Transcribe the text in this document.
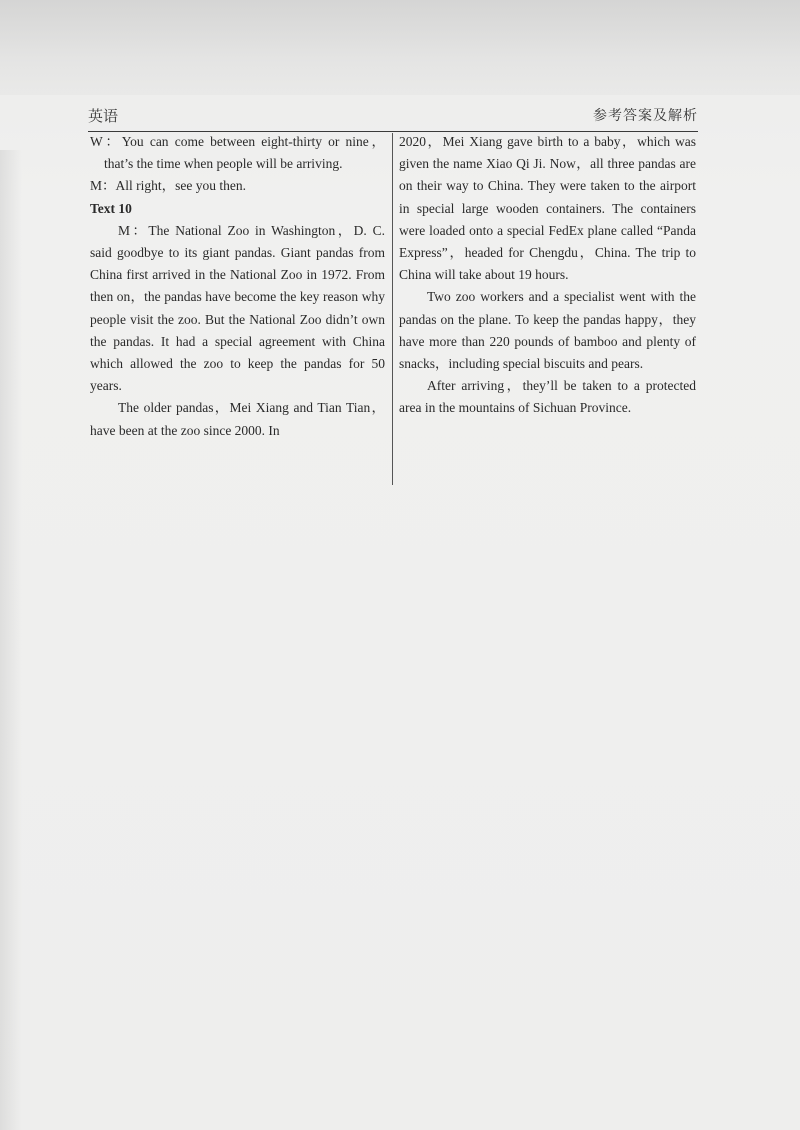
英语	参考答案及解析

W：You can come between eight-thirty or nine，that’s the time when people will be arriving.

M：All right，see you then.

Text 10

M：The National Zoo in Washington，D. C. said goodbye to its giant pandas. Giant pandas from China first arrived in the National Zoo in 1972. From then on，the pandas have become the key reason why people visit the zoo. But the National Zoo didn’t own the pandas. It had a special agreement with China which allowed the zoo to keep the pandas for 50 years.

The older pandas，Mei Xiang and Tian Tian，have been at the zoo since 2000. In

2020，Mei Xiang gave birth to a baby，which was given the name Xiao Qi Ji. Now，all three pandas are on their way to China. They were taken to the airport in special large wooden containers. The containers were loaded onto a special FedEx plane called “Panda Express”，headed for Chengdu，China. The trip to China will take about 19 hours.

Two zoo workers and a specialist went with the pandas on the plane. To keep the pandas happy，they have more than 220 pounds of bamboo and plenty of snacks，including special biscuits and pears.

After arriving，they’ll be taken to a protected area in the mountains of Sichuan Province.
